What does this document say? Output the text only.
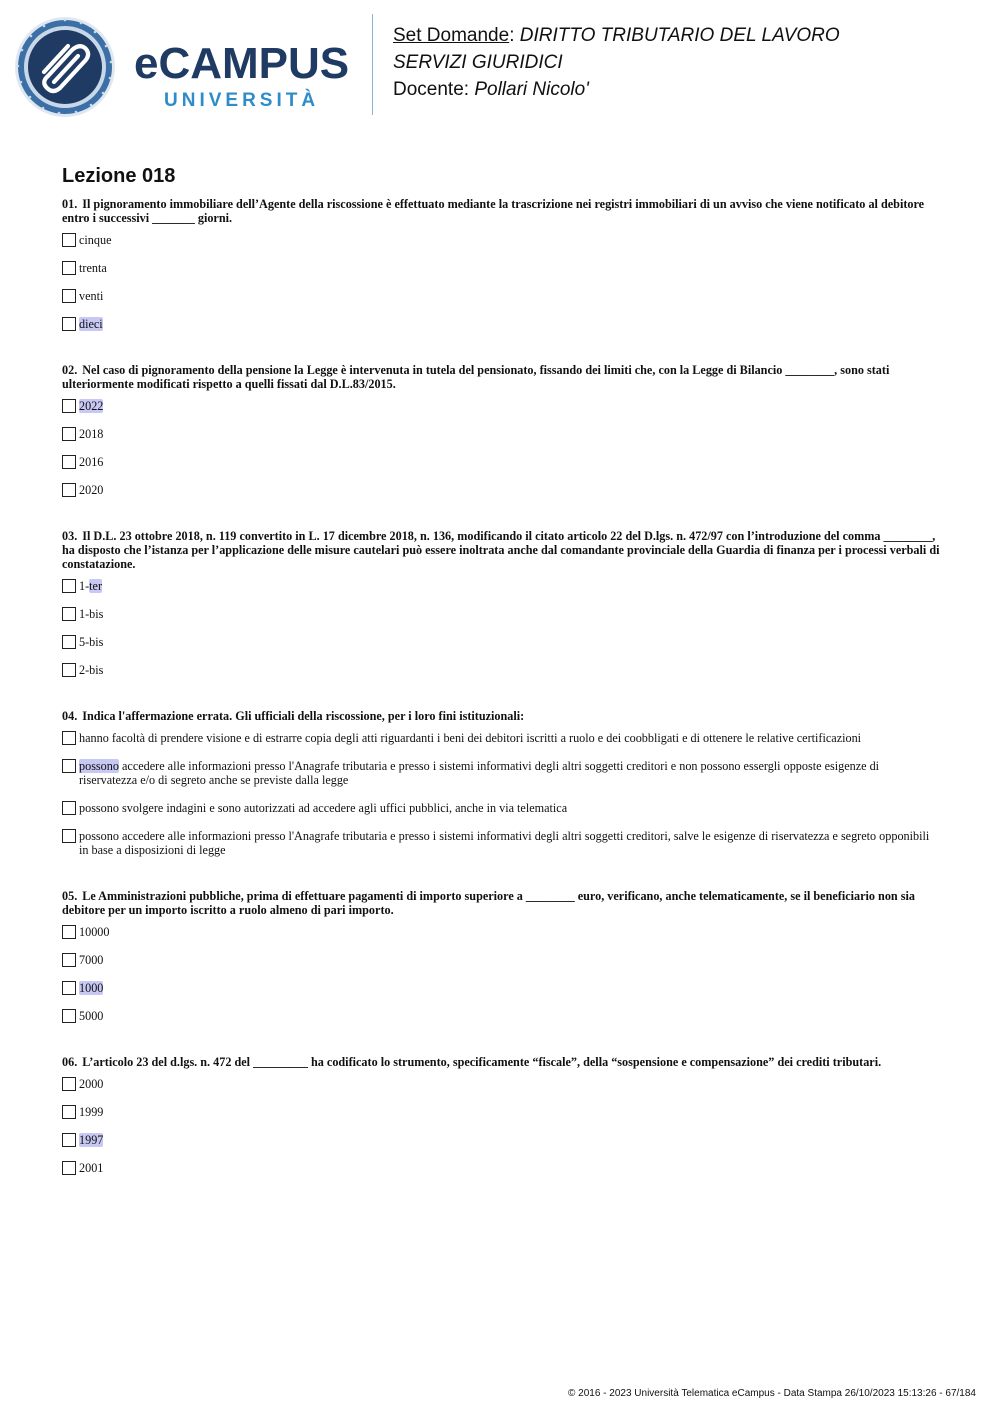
eCAMPUS
UNIVERSITÀ
Set Domande: DIRITTO TRIBUTARIO DEL LAVORO
SERVIZI GIURIDICI
Docente: Pollari Nicolo'
Lezione 018
01. Il pignoramento immobiliare dell’Agente della riscossione è effettuato mediante la trascrizione nei registri immobiliari di un avviso che viene notificato al debitore entro i successivi _______ giorni.
cinque
trenta
venti
dieci
02. Nel caso di pignoramento della pensione la Legge è intervenuta in tutela del pensionato, fissando dei limiti che, con la Legge di Bilancio ________, sono stati ulteriormente modificati rispetto a quelli fissati dal D.L.83/2015.
2022
2018
2016
2020
03. Il D.L. 23 ottobre 2018, n. 119 convertito in L. 17 dicembre 2018, n. 136, modificando il citato articolo 22 del D.lgs. n. 472/97 con l’introduzione del comma ________, ha disposto che l’istanza per l’applicazione delle misure cautelari può essere inoltrata anche dal comandante provinciale della Guardia di finanza per i processi verbali di constatazione.
1-ter
1-bis
5-bis
2-bis
04. Indica l'affermazione errata. Gli ufficiali della riscossione, per i loro fini istituzionali:
hanno facoltà di prendere visione e di estrarre copia degli atti riguardanti i beni dei debitori iscritti a ruolo e dei coobbligati e di ottenere le relative certificazioni
possono accedere alle informazioni presso l'Anagrafe tributaria e presso i sistemi informativi degli altri soggetti creditori e non possono essergli opposte esigenze di riservatezza e/o di segreto anche se previste dalla legge
possono svolgere indagini e sono autorizzati ad accedere agli uffici pubblici, anche in via telematica
possono accedere alle informazioni presso l'Anagrafe tributaria e presso i sistemi informativi degli altri soggetti creditori, salve le esigenze di riservatezza e segreto opponibili in base a disposizioni di legge
05. Le Amministrazioni pubbliche, prima di effettuare pagamenti di importo superiore a ________ euro, verificano, anche telematicamente, se il beneficiario non sia debitore per un importo iscritto a ruolo almeno di pari importo.
10000
7000
1000
5000
06. L’articolo 23 del d.lgs. n. 472 del _________ ha codificato lo strumento, specificamente “fiscale”, della “sospensione e compensazione” dei crediti tributari.
2000
1999
1997
2001
© 2016 - 2023 Università Telematica eCampus - Data Stampa 26/10/2023 15:13:26 - 67/184
